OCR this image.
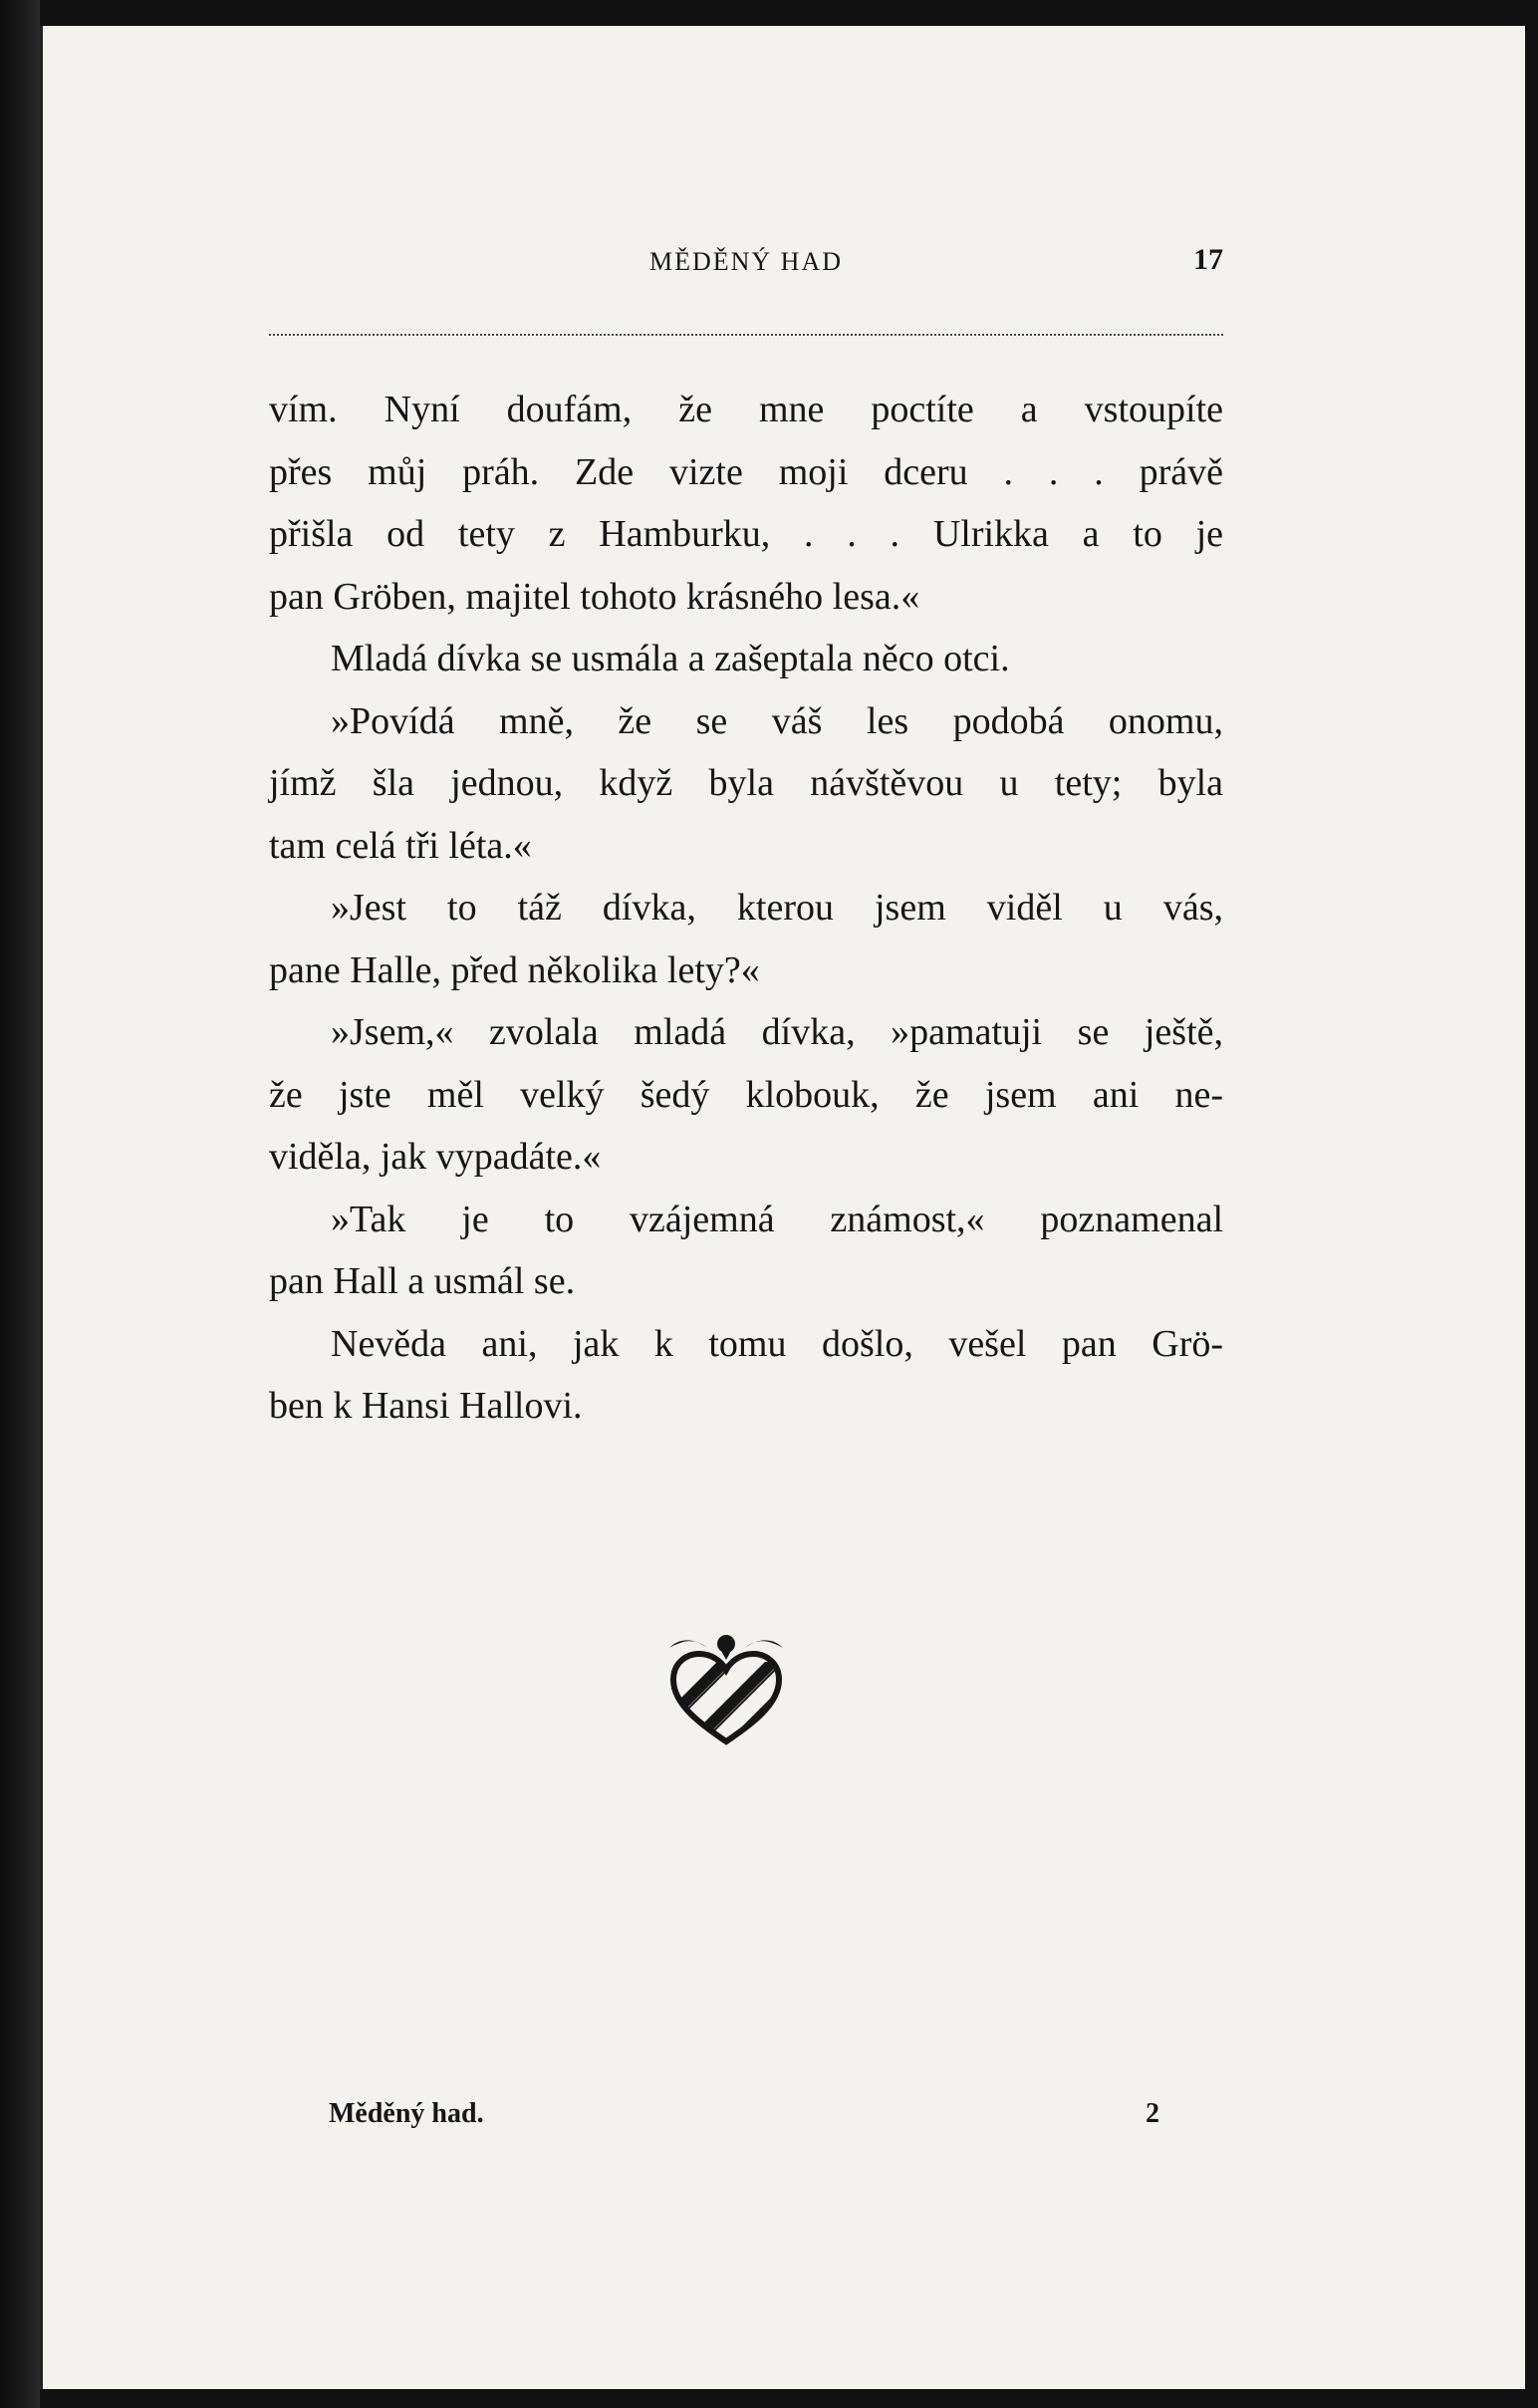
MĚDĚNÝ HAD	17
vím. Nyní doufám, že mne poctíte a vstoupíte
přes můj práh. Zde vizte moji dceru . . . právě
přišla od tety z Hamburku, . . . Ulrikka a to je
pan Gröben, majitel tohoto krásného lesa.«
Mladá dívka se usmála a zašeptala něco otci.
»Povídá mně, že se váš les podobá onomu,
jímž šla jednou, když byla návštěvou u tety; byla
tam celá tři léta.«
»Jest to táž dívka, kterou jsem viděl u vás,
pane Halle, před několika lety?«
»Jsem,« zvolala mladá dívka, »pamatuji se ještě,
že jste měl velký šedý klobouk, že jsem ani ne-
viděla, jak vypadáte.«
»Tak je to vzájemná známost,« poznamenal
pan Hall a usmál se.
Nevěda ani, jak k tomu došlo, vešel pan Grö-
ben k Hansi Hallovi.
Měděný had.	2
